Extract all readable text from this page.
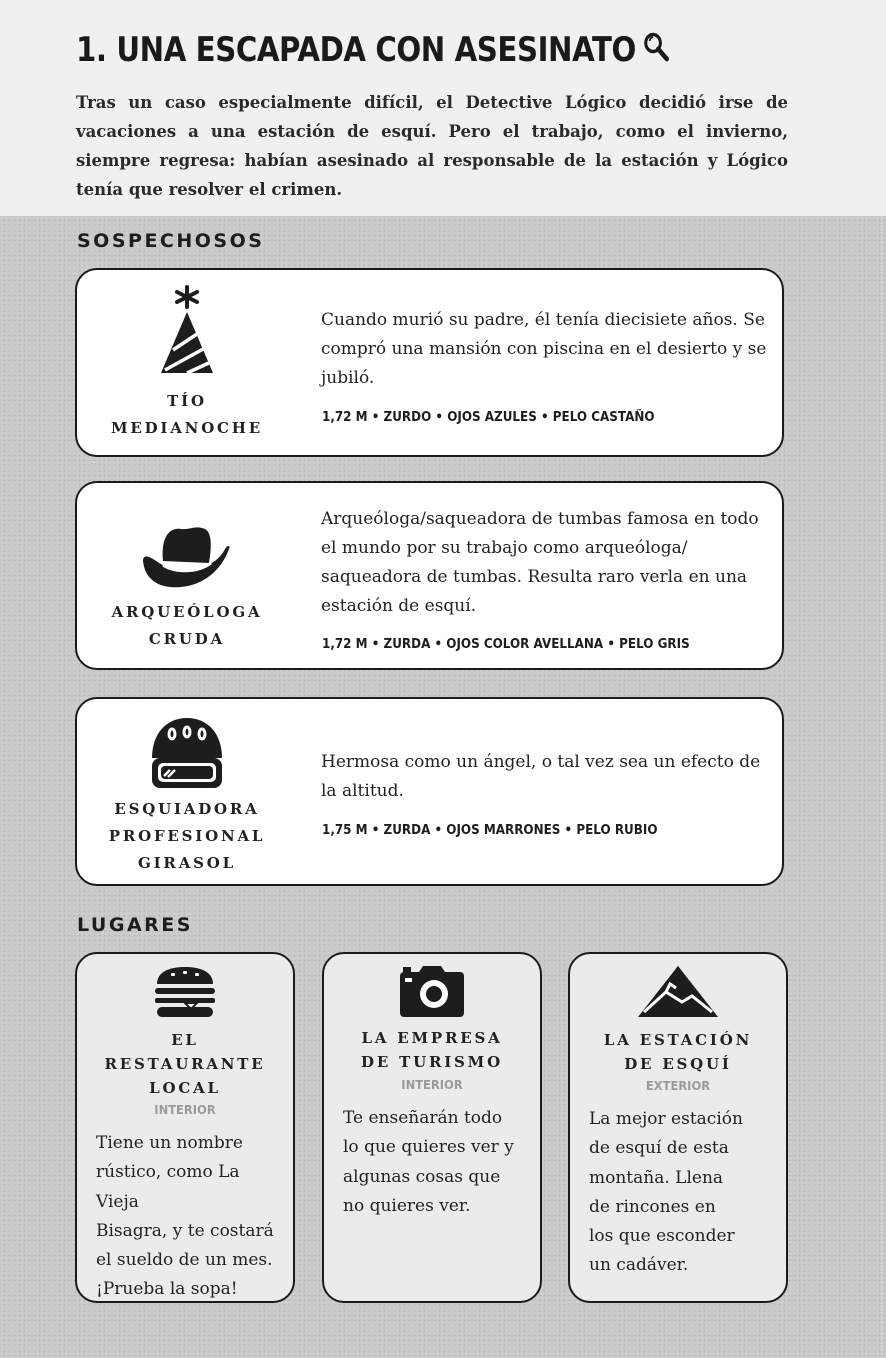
1. UNA ESCAPADA CON ASESINATO

Tras un caso especialmente difícil, el Detective Lógico decidió irse de vacaciones a una estación de esquí. Pero el trabajo, como el invierno, siempre regresa: habían asesinado al responsable de la estación y Lógico tenía que resolver el crimen.

SOSPECHOSOS
TÍO
MEDIANOCHE

Cuando murió su padre, él tenía diecisiete años. Se compró una mansión con piscina en el desierto y se jubiló.

1,72 M • ZURDO • OJOS AZULES • PELO CASTAÑO

ARQUEÓLOGA
CRUDA

Arqueóloga/saqueadora de tumbas famosa en todo el mundo por su trabajo como arqueóloga/ saqueadora de tumbas. Resulta raro verla en una estación de esquí.

1,72 M • ZURDA • OJOS COLOR AVELLANA • PELO GRIS

ESQUIADORA
PROFESIONAL
GIRASOL

Hermosa como un ángel, o tal vez sea un efecto de la altitud.

1,75 M • ZURDA • OJOS MARRONES • PELO RUBIO

LUGARES
EL
RESTAURANTE
LOCAL
INTERIOR
Tiene un nombre
rústico, como La Vieja
Bisagra, y te costará
el sueldo de un mes.
¡Prueba la sopa!
LA EMPRESA
DE TURISMO
INTERIOR
Te enseñarán todo
lo que quieres ver y
algunas cosas que
no quieres ver.
LA ESTACIÓN
DE ESQUÍ
EXTERIOR
La mejor estación
de esquí de esta
montaña. Llena
de rincones en
los que esconder
un cadáver.
